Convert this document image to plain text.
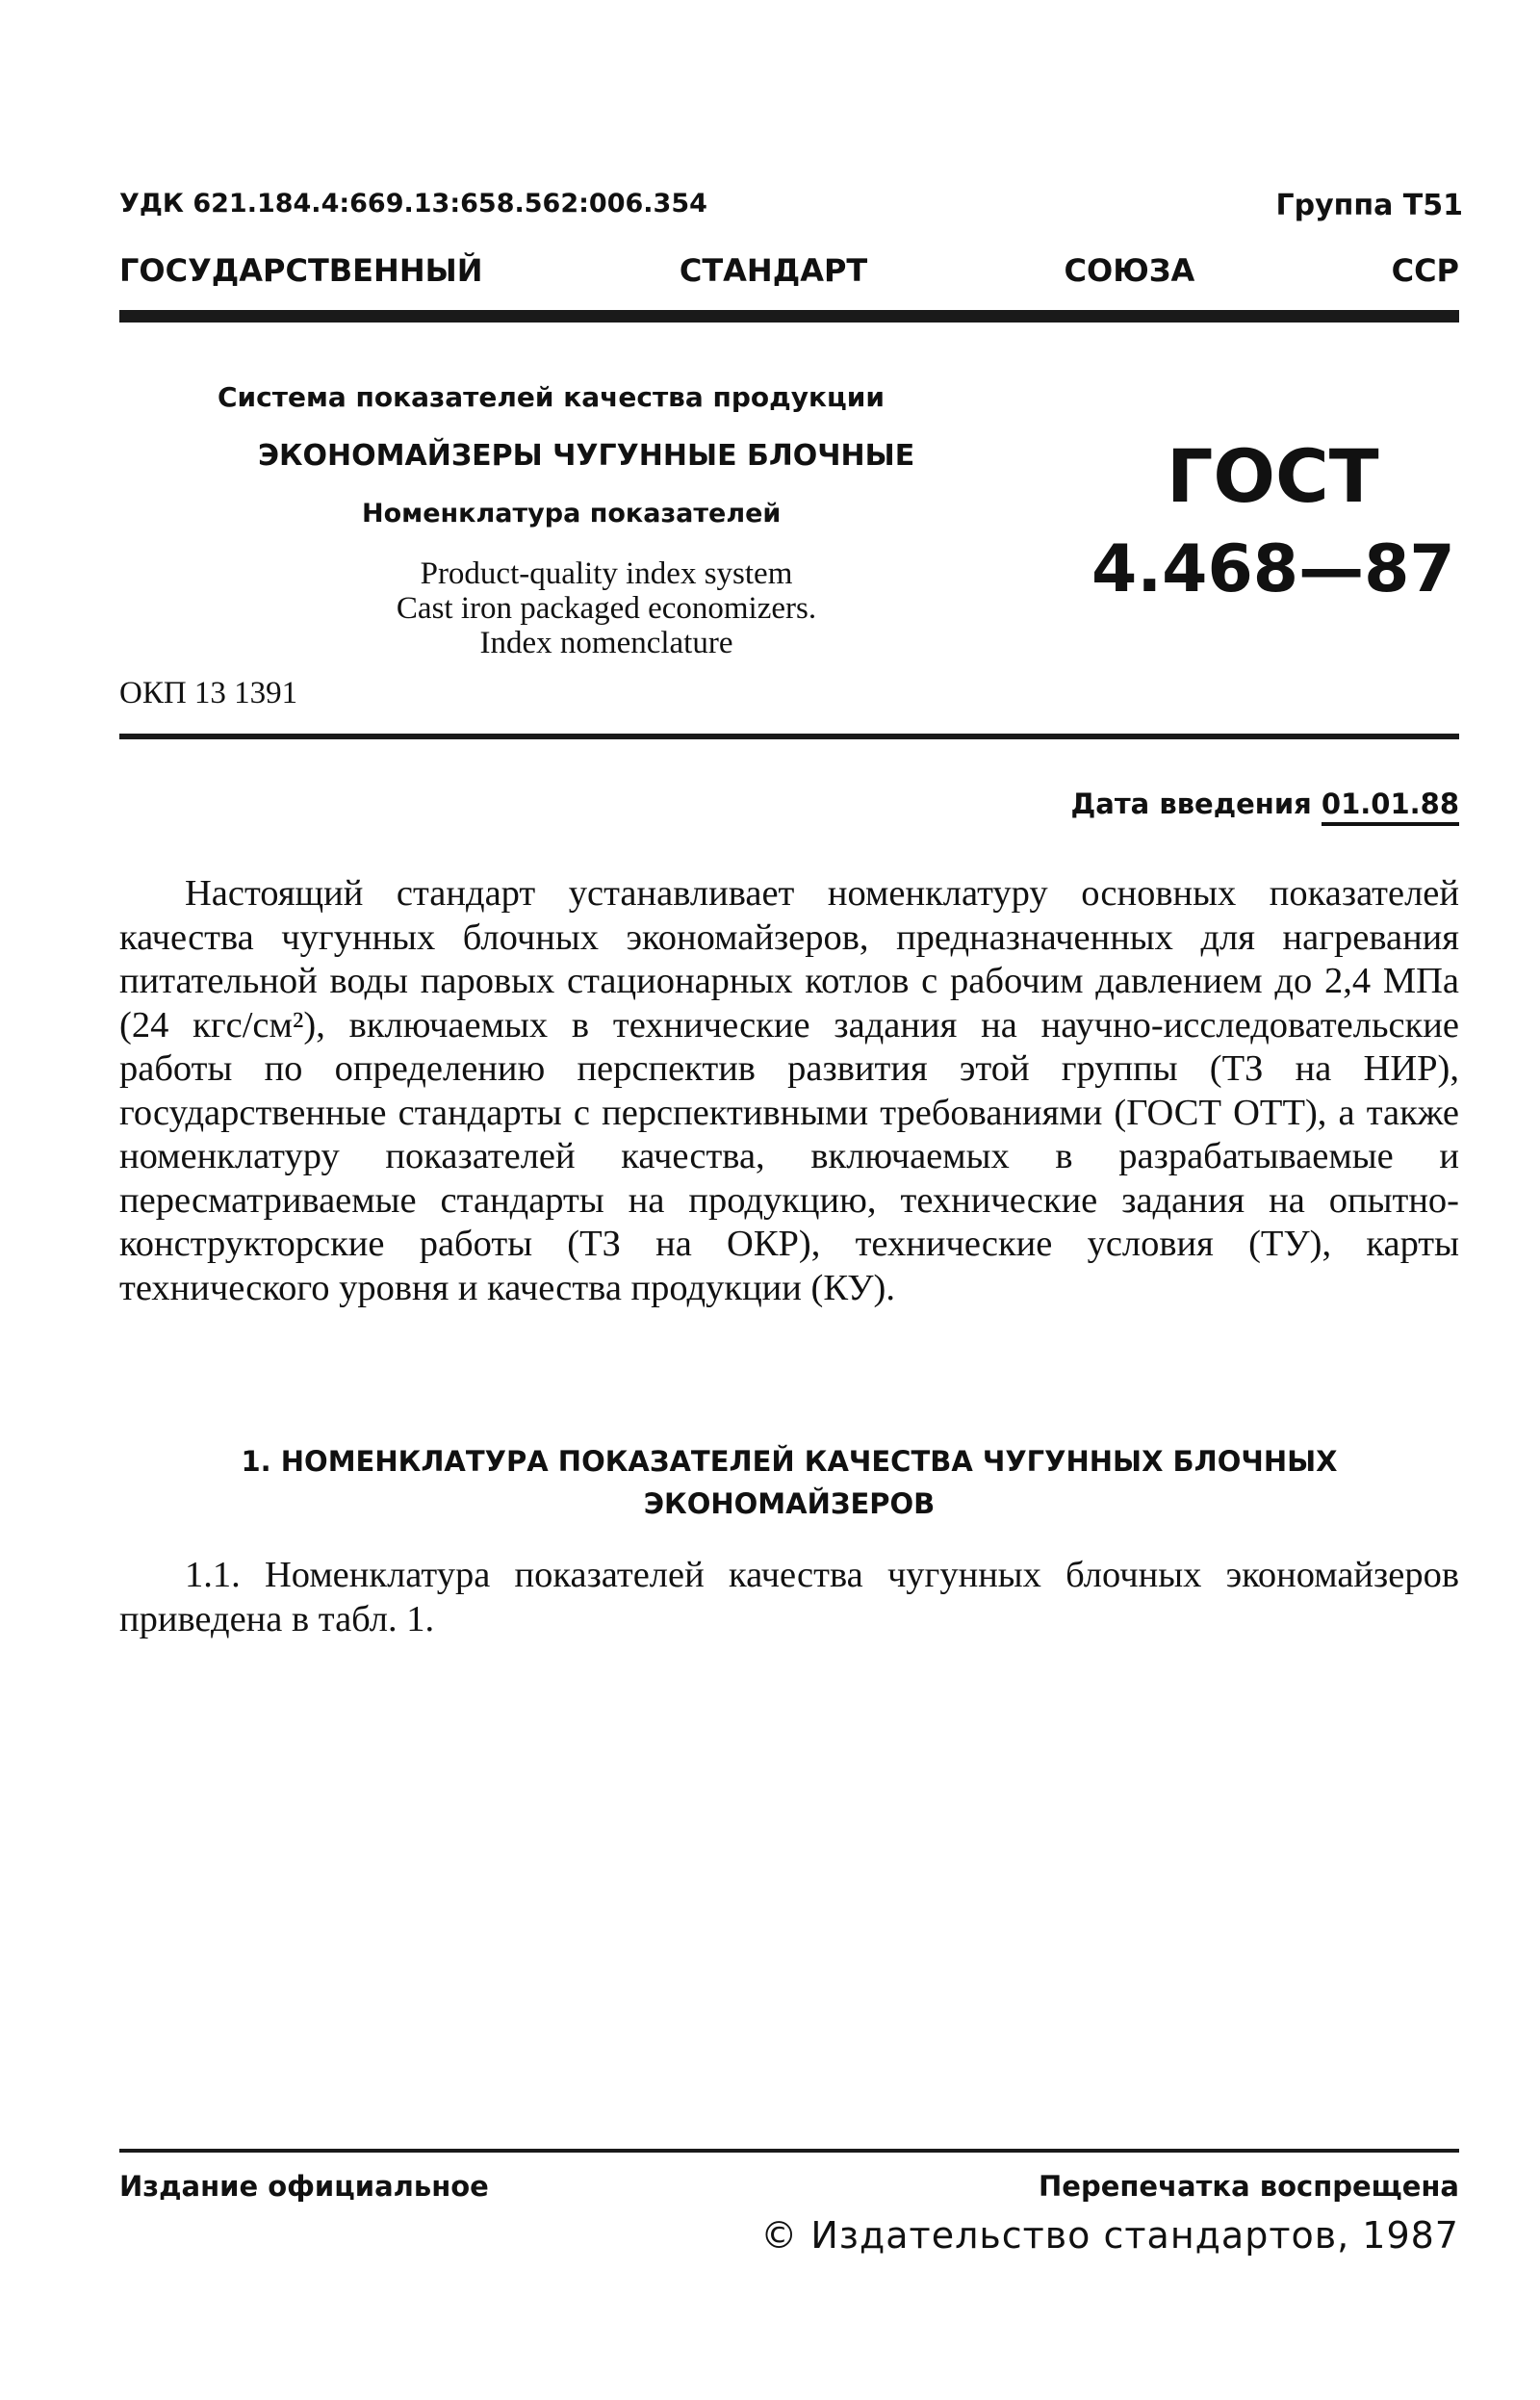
УДК 621.184.4:669.13:658.562:006.354	Группа Т51
ГОСУДАРСТВЕННЫЙ	СТАНДАРТ	СОЮЗА	ССР
Система показателей качества продукции
ЭКОНОМАЙЗЕРЫ ЧУГУННЫЕ БЛОЧНЫЕ
Номенклатура показателей
Product-quality index system
Cast iron packaged economizers.
Index nomenclature
ГОСТ
4.468—87
ОКП 13 1391
Дата введения 01.01.88

Настоящий стандарт устанавливает номенклатуру основных показателей качества чугунных блочных экономайзеров, предназначенных для нагревания питательной воды паровых стационарных котлов с рабочим давлением до 2,4 МПа (24 кгс/см²), включаемых в технические задания на научно-исследовательские работы по определению перспектив развития этой группы (ТЗ на НИР), государственные стандарты с перспективными требованиями (ГОСТ ОТТ), а также номенклатуру показателей качества, включаемых в разрабатываемые и пересматриваемые стандарты на продукцию, технические задания на опытно-конструкторские работы (ТЗ на ОКР), технические условия (ТУ), карты технического уровня и качества продукции (КУ).

1. НОМЕНКЛАТУРА ПОКАЗАТЕЛЕЙ КАЧЕСТВА ЧУГУННЫХ БЛОЧНЫХ
ЭКОНОМАЙЗЕРОВ

1.1. Номенклатура показателей качества чугунных блочных экономайзеров приведена в табл. 1.

Издание официальное	Перепечатка воспрещена
© Издательство стандартов, 1987
